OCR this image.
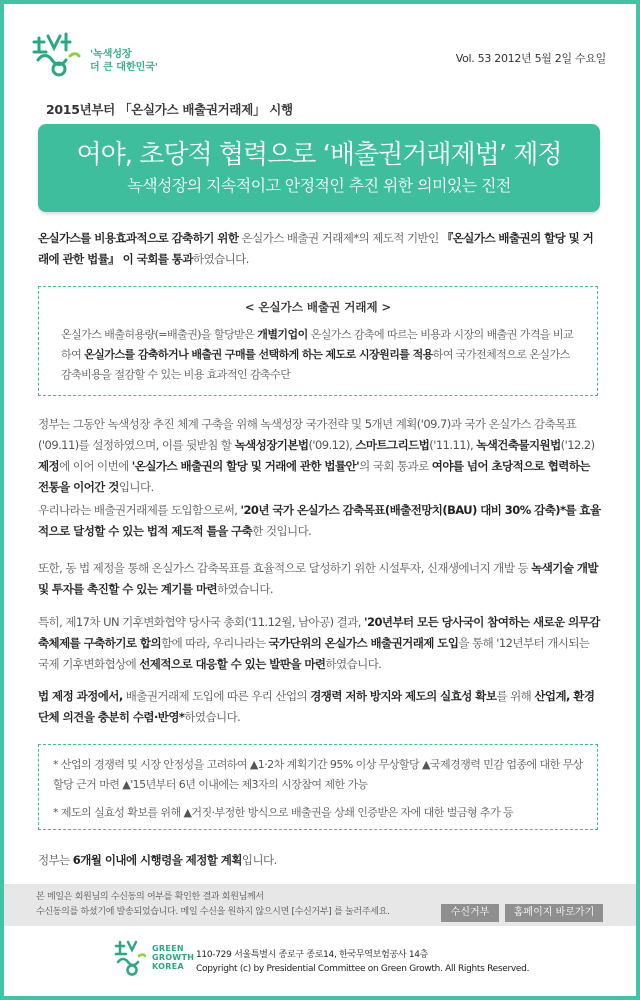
'녹색성장
더 큰 대한민국'
Vol. 53 2012년 5월 2일 수요일
2015년부터 「온실가스 배출권거래제」 시행
여야, 초당적 협력으로 ‘배출권거래제법’ 제정
녹색성장의 지속적이고 안정적인 추진 위한 의미있는 진전
온실가스를 비용효과적으로 감축하기 위한 온실가스 배출권 거래제*의 제도적 기반인 『온실가스 배출권의 할당 및 거래에 관한 법률』 이 국회를 통과하였습니다.
< 온실가스 배출권 거래제 >
온실가스 배출허용량(=배출권)을 할당받은 개별기업이 온실가스 감축에 따르는 비용과 시장의 배출권 가격을 비교하여 온실가스를 감축하거나 배출권 구매를 선택하게 하는 제도로 시장원리를 적용하여 국가전체적으로 온실가스 감축비용을 절감할 수 있는 비용 효과적인 감축수단
정부는 그동안 녹색성장 추진 체계 구축을 위해 녹색성장 국가전략 및 5개년 계획('09.7)과 국가 온실가스 감축목표 ('09.11)를 설정하였으며, 이를 뒷받침 할 녹색성장기본법('09.12), 스마트그리드법('11.11), 녹색건축물지원법('12.2) 제정에 이어 이번에 '온실가스 배출권의 할당 및 거래에 관한 법률안'의 국회 통과로 여야를 넘어 초당적으로 협력하는 전통을 이어간 것입니다.
우리나라는 배출권거래제를 도입함으로써, '20년 국가 온실가스 감축목표(배출전망치(BAU) 대비 30% 감축)*를 효율적으로 달성할 수 있는 법적 제도적 틀을 구축한 것입니다.
또한, 동 법 제정을 통해 온실가스 감축목표를 효율적으로 달성하기 위한 시설투자, 신재생에너지 개발 등 녹색기술 개발 및 투자를 촉진할 수 있는 계기를 마련하였습니다.
특히, 제17차 UN 기후변화협약 당사국 총회('11.12월, 남아공) 결과, '20년부터 모든 당사국이 참여하는 새로운 의무감축체제를 구축하기로 합의함에 따라, 우리나라는 국가단위의 온실가스 배출권거래제 도입을 통해 '12년부터 개시되는 국제 기후변화협상에 선제적으로 대응할 수 있는 발판을 마련하였습니다.
법 제정 과정에서, 배출권거래제 도입에 따른 우리 산업의 경쟁력 저하 방지와 제도의 실효성 확보를 위해 산업계, 환경단체 의견을 충분히 수렴·반영*하였습니다.
* 산업의 경쟁력 및 시장 안정성을 고려하여 ▲1·2차 계획기간 95% 이상 무상할당 ▲국제경쟁력 민감 업종에 대한 무상할당 근거 마련 ▲'15년부터 6년 이내에는 제3자의 시장참여 제한 가능
* 제도의 실효성 확보를 위해 ▲거짓·부정한 방식으로 배출권을 상쇄 인증받은 자에 대한 벌금형 추가 등
정부는 6개월 이내에 시행령을 제정할 계획입니다.
본 메일은 회원님의 수신동의 여부를 확인한 결과 회원님께서
수신동의를 하셨기에 발송되었습니다. 메일 수신을 원하지 않으시면 [수신거부] 를 눌러주세요.	수신거부	홈페이지 바로가기
GREEN
GROWTH
KOREA
110-729 서울특별시 종로구 종로14, 한국무역보험공사 14층
Copyright (c) by Presidential Committee on Green Growth. All Rights Reserved.
